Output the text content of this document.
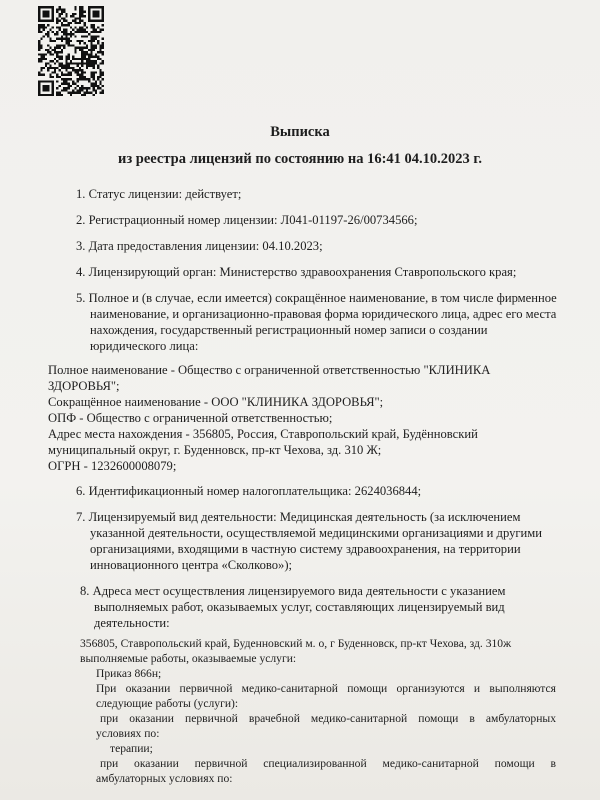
Выписка
из реестра лицензий по состоянию на 16:41 04.10.2023 г.
1. Статус лицензии: действует;
2. Регистрационный номер лицензии: Л041-01197-26/00734566;
3. Дата предоставления лицензии: 04.10.2023;
4. Лицензирующий орган: Министерство здравоохранения Ставропольского края;
5. Полное и (в случае, если имеется) сокращённое наименование, в том числе фирменное
наименование, и организационно-правовая форма юридического лица, адрес его места
нахождения, государственный регистрационный номер записи о создании
юридического лица:
Полное наименование - Общество с ограниченной ответственностью "КЛИНИКА
ЗДОРОВЬЯ";
Сокращённое наименование - ООО "КЛИНИКА ЗДОРОВЬЯ";
ОПФ - Общество с ограниченной ответственностью;
Адрес места нахождения - 356805, Россия, Ставропольский край, Будённовский
муниципальный округ, г. Буденновск, пр-кт Чехова, зд. 310 Ж;
ОГРН - 1232600008079;
6. Идентификационный номер налогоплательщика: 2624036844;
7. Лицензируемый вид деятельности: Медицинская деятельность (за исключением
указанной деятельности, осуществляемой медицинскими организациями и другими
организациями, входящими в частную систему здравоохранения, на территории
инновационного центра «Сколково»);
8. Адреса мест осуществления лицензируемого вида деятельности с указанием
выполняемых работ, оказываемых услуг, составляющих лицензируемый вид
деятельности:
356805, Ставропольский край, Буденновский м. о, г Буденновск, пр-кт Чехова, зд. 310ж
выполняемые работы, оказываемые услуги:
Приказ 866н;
При оказании первичной медико-санитарной помощи организуются и выполняются
следующие работы (услуги):
при оказании первичной врачебной медико-санитарной помощи в амбулаторных
условиях по:
терапии;
при оказании первичной специализированной медико-санитарной помощи в
амбулаторных условиях по:
